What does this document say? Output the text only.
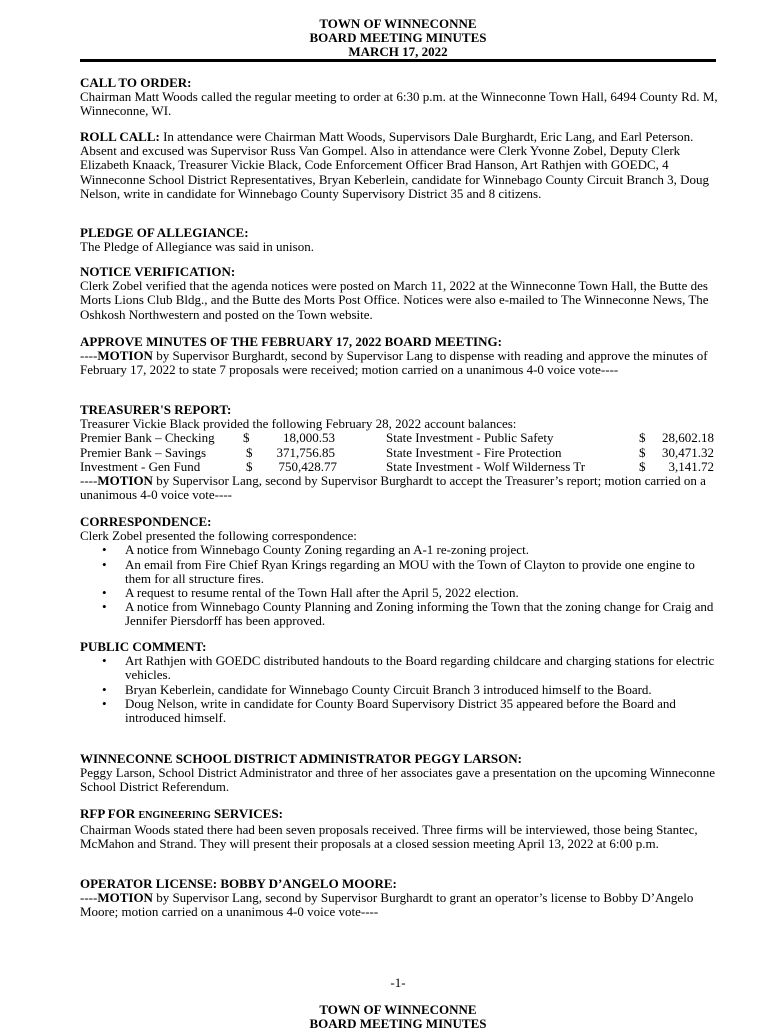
TOWN OF WINNECONNE
BOARD MEETING MINUTES
MARCH 17, 2022
CALL TO ORDER:

Chairman Matt Woods called the regular meeting to order at 6:30 p.m. at the Winneconne Town Hall, 6494 County Rd. M, Winneconne, WI.

ROLL CALL: In attendance were Chairman Matt Woods, Supervisors Dale Burghardt, Eric Lang, and Earl Peterson. Absent and excused was Supervisor Russ Van Gompel. Also in attendance were Clerk Yvonne Zobel, Deputy Clerk Elizabeth Knaack, Treasurer Vickie Black, Code Enforcement Officer Brad Hanson, Art Rathjen with GOEDC, 4 Winneconne School District Representatives, Bryan Keberlein, candidate for Winnebago County Circuit Branch 3, Doug Nelson, write in candidate for Winnebago County Supervisory District 35 and 8 citizens.

PLEDGE OF ALLEGIANCE:

The Pledge of Allegiance was said in unison.

NOTICE VERIFICATION:

Clerk Zobel verified that the agenda notices were posted on March 11, 2022 at the Winneconne Town Hall, the Butte des Morts Lions Club Bldg., and the Butte des Morts Post Office. Notices were also e-mailed to The Winneconne News, The Oshkosh Northwestern and posted on the Town website.

APPROVE MINUTES OF THE FEBRUARY 17, 2022 BOARD MEETING:

----MOTION by Supervisor Burghardt, second by Supervisor Lang to dispense with reading and approve the minutes of February 17, 2022 to state 7 proposals were received; motion carried on a unanimous 4-0 voice vote----

TREASURER'S REPORT:

Treasurer Vickie Black provided the following February 28, 2022 account balances:

Premier Bank – Checking $	18,000.53	State Investment - Public Safety	$	28,602.18
Premier Bank – Savings	$	371,756.85	State Investment - Fire Protection	$	30,471.32
Investment - Gen Fund	$	750,428.77	State Investment - Wolf Wilderness Tr	$	3,141.72

----MOTION by Supervisor Lang, second by Supervisor Burghardt to accept the Treasurer’s report; motion carried on a unanimous 4-0 voice vote----

CORRESPONDENCE:

Clerk Zobel presented the following correspondence:

• A notice from Winnebago County Zoning regarding an A-1 re-zoning project.
• An email from Fire Chief Ryan Krings regarding an MOU with the Town of Clayton to provide one engine to them for all structure fires.
• A request to resume rental of the Town Hall after the April 5, 2022 election.
• A notice from Winnebago County Planning and Zoning informing the Town that the zoning change for Craig and Jennifer Piersdorff has been approved.
PUBLIC COMMENT:
• Art Rathjen with GOEDC distributed handouts to the Board regarding childcare and charging stations for electric vehicles.
• Bryan Keberlein, candidate for Winnebago County Circuit Branch 3 introduced himself to the Board.
• Doug Nelson, write in candidate for County Board Supervisory District 35 appeared before the Board and introduced himself.
WINNECONNE SCHOOL DISTRICT ADMINISTRATOR PEGGY LARSON:

Peggy Larson, School District Administrator and three of her associates gave a presentation on the upcoming Winneconne School District Referendum.

RFP FOR ENGINEERING SERVICES:

Chairman Woods stated there had been seven proposals received. Three firms will be interviewed, those being Stantec, McMahon and Strand. They will present their proposals at a closed session meeting April 13, 2022 at 6:00 p.m.

OPERATOR LICENSE: BOBBY D’ANGELO MOORE:

----MOTION by Supervisor Lang, second by Supervisor Burghardt to grant an operator’s license to Bobby D’Angelo Moore; motion carried on a unanimous 4-0 voice vote----

-1-
TOWN OF WINNECONNE
BOARD MEETING MINUTES
